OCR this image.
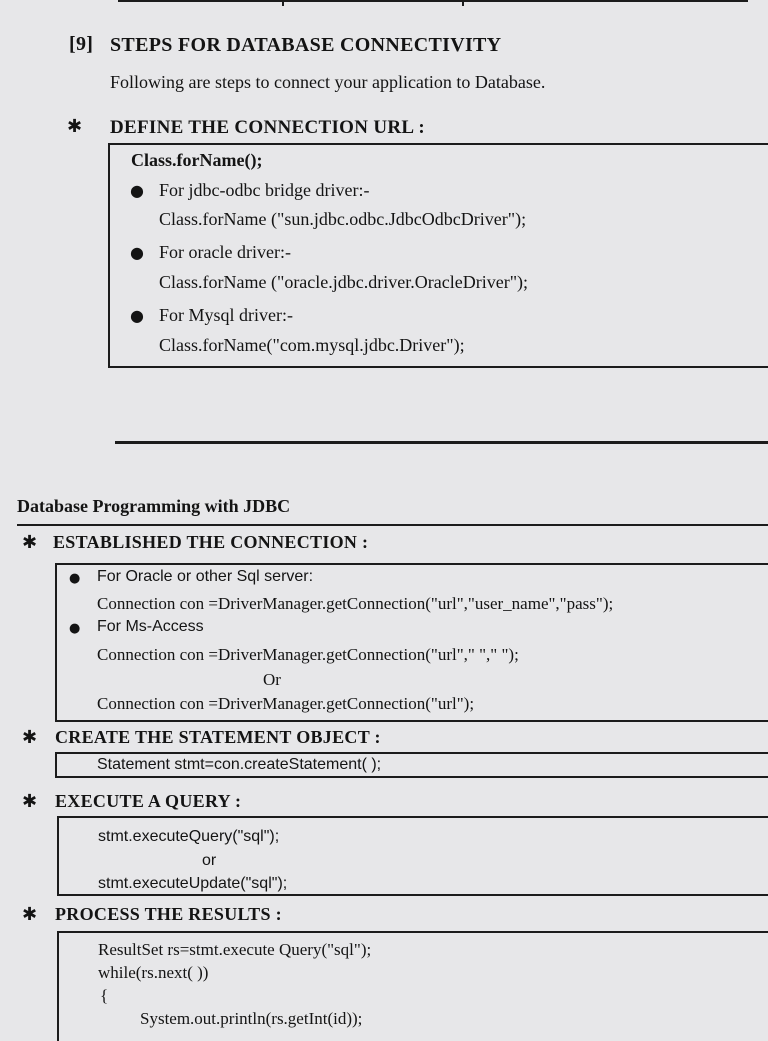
[9] STEPS FOR DATABASE CONNECTIVITY
Following are steps to connect your application to Database.
✱ DEFINE THE CONNECTION URL :
Class.forName();
● For jdbc-odbc bridge driver:-
Class.forName ("sun.jdbc.odbc.JdbcOdbcDriver");
● For oracle driver:-
Class.forName ("oracle.jdbc.driver.OracleDriver");
● For Mysql driver:-
Class.forName("com.mysql.jdbc.Driver");
Database Programming with JDBC
✱ ESTABLISHED THE CONNECTION :
● For Oracle or other Sql server:
Connection con =DriverManager.getConnection("url","user_name","pass");
● For Ms-Access
Connection con =DriverManager.getConnection("url"," "," ");
Or
Connection con =DriverManager.getConnection("url");
✱ CREATE THE STATEMENT OBJECT :
Statement stmt=con.createStatement( );
✱ EXECUTE A QUERY :
stmt.executeQuery("sql");
or
stmt.executeUpdate("sql");
✱ PROCESS THE RESULTS :
ResultSet rs=stmt.execute Query("sql");
while(rs.next( ))
{
System.out.println(rs.getInt(id));
